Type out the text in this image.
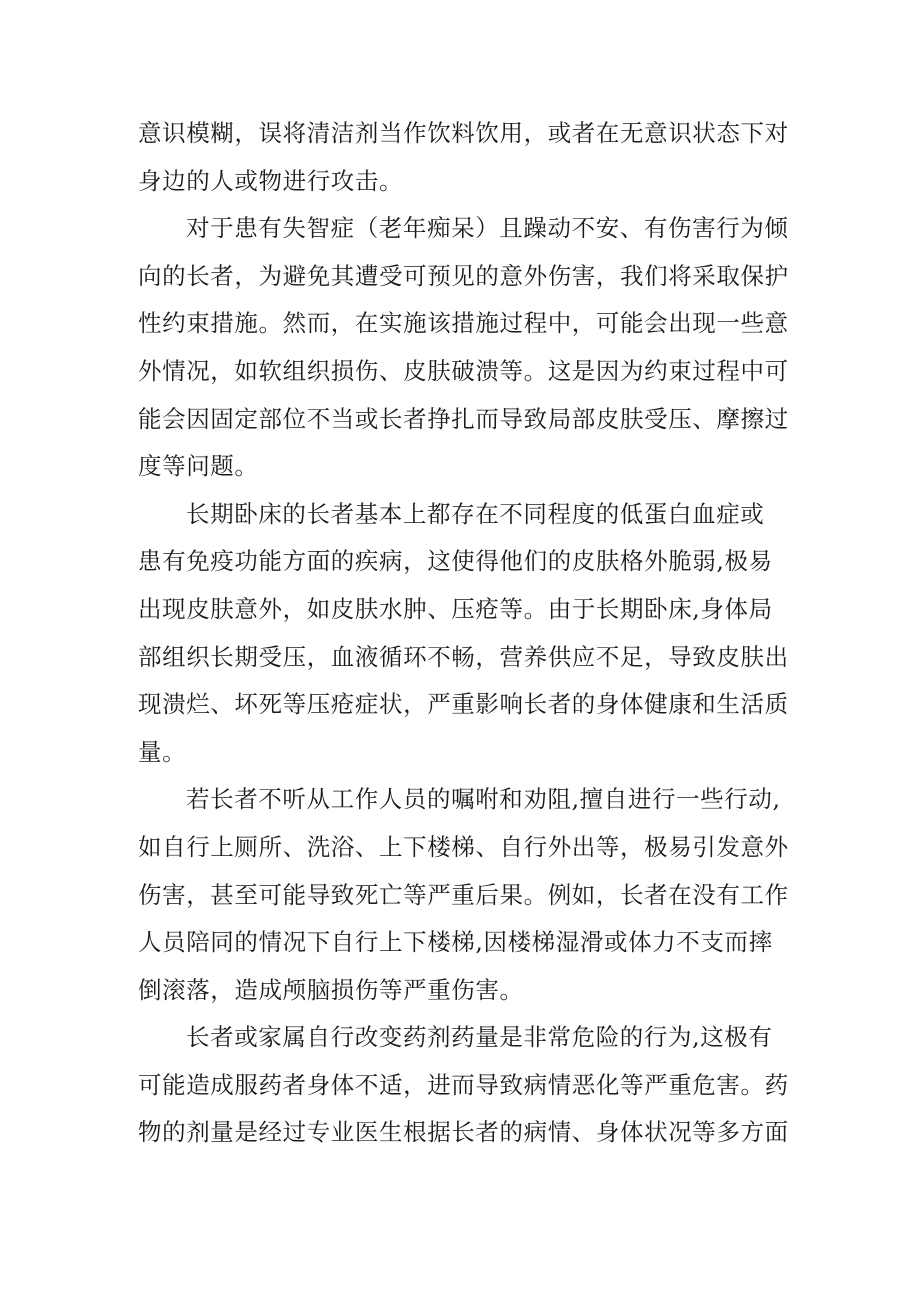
意识模糊，误将清洁剂当作饮料饮用，或者在无意识状态下对
身边的人或物进行攻击。
对于患有失智症（老年痴呆）且躁动不安、有伤害行为倾
向的长者，为避免其遭受可预见的意外伤害，我们将采取保护
性约束措施。然而，在实施该措施过程中，可能会出现一些意
外情况，如软组织损伤、皮肤破溃等。这是因为约束过程中可
能会因固定部位不当或长者挣扎而导致局部皮肤受压、摩擦过
度等问题。
长期卧床的长者基本上都存在不同程度的低蛋白血症或
患有免疫功能方面的疾病，这使得他们的皮肤格外脆弱,极易
出现皮肤意外，如皮肤水肿、压疮等。由于长期卧床,身体局
部组织长期受压，血液循环不畅，营养供应不足，导致皮肤出
现溃烂、坏死等压疮症状，严重影响长者的身体健康和生活质
量。
若长者不听从工作人员的嘱咐和劝阻,擅自进行一些行动,
如自行上厕所、洗浴、上下楼梯、自行外出等，极易引发意外
伤害，甚至可能导致死亡等严重后果。例如，长者在没有工作
人员陪同的情况下自行上下楼梯,因楼梯湿滑或体力不支而摔
倒滚落，造成颅脑损伤等严重伤害。
长者或家属自行改变药剂药量是非常危险的行为,这极有
可能造成服药者身体不适，进而导致病情恶化等严重危害。药
物的剂量是经过专业医生根据长者的病情、身体状况等多方面
